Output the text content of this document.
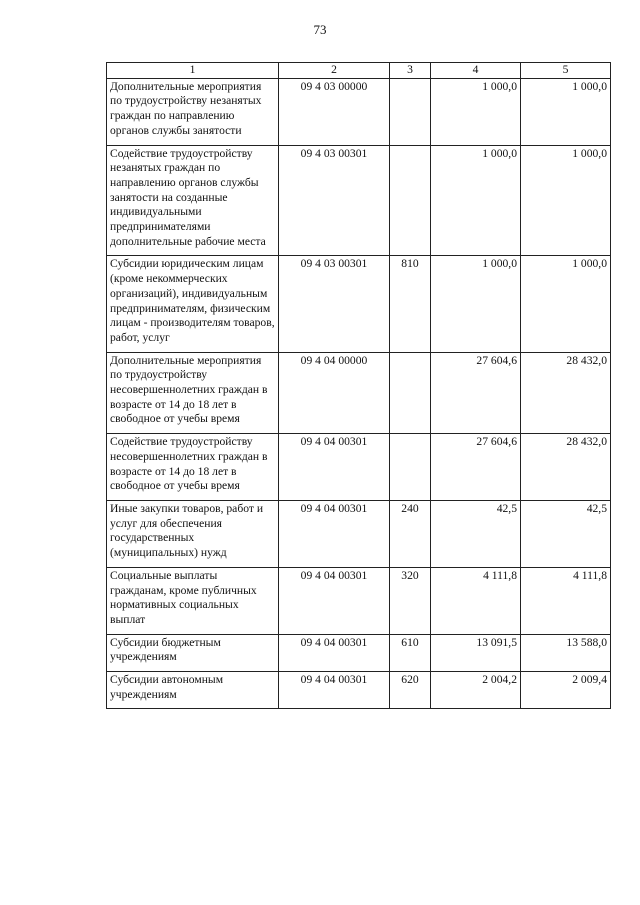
73
1	2	3	4	5
Дополнительные мероприятия по трудоустройству незанятых граждан по направлению органов службы занятости	09 4 03 00000		1 000,0	1 000,0
Содействие трудоустройству незанятых граждан по направлению органов службы занятости на созданные индивидуальными предпринимателями дополнительные рабочие места	09 4 03 00301		1 000,0	1 000,0
Субсидии юридическим лицам (кроме некоммерческих организаций), индивидуальным предпринимателям, физическим лицам - производителям товаров, работ, услуг	09 4 03 00301	810	1 000,0	1 000,0
Дополнительные мероприятия по трудоустройству несовершеннолетних граждан в возрасте от 14 до 18 лет в свободное от учебы время	09 4 04 00000		27 604,6	28 432,0
Содействие трудоустройству несовершеннолетних граждан в возрасте от 14 до 18 лет в свободное от учебы время	09 4 04 00301		27 604,6	28 432,0
Иные закупки товаров, работ и услуг для обеспечения государственных (муниципальных) нужд	09 4 04 00301	240	42,5	42,5
Социальные выплаты гражданам, кроме публичных нормативных социальных выплат	09 4 04 00301	320	4 111,8	4 111,8
Субсидии бюджетным учреждениям	09 4 04 00301	610	13 091,5	13 588,0
Субсидии автономным учреждениям	09 4 04 00301	620	2 004,2	2 009,4
